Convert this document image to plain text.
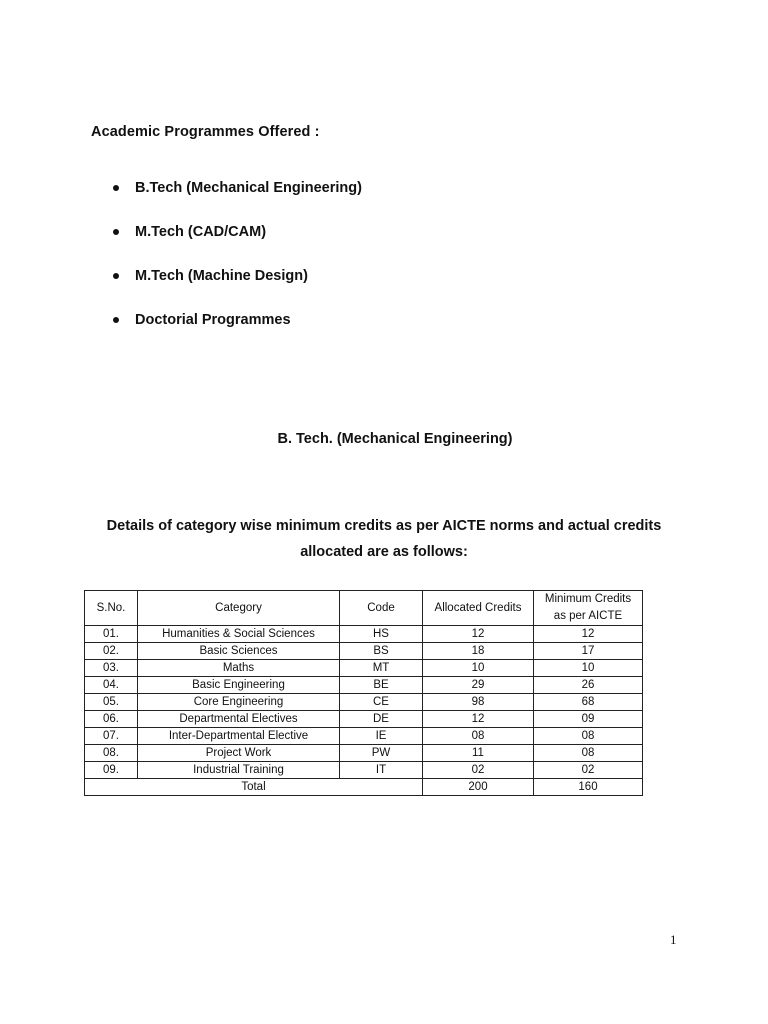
Academic Programmes Offered :
B.Tech (Mechanical Engineering)
M.Tech (CAD/CAM)
M.Tech (Machine Design)
Doctorial Programmes
B. Tech. (Mechanical Engineering)
Details of category wise minimum credits as per AICTE norms and actual credits
allocated are as follows:
S.No.	Category	Code	Allocated Credits	Minimum Credits
as per AICTE

01.	Humanities & Social Sciences	HS	12	12
02.	Basic Sciences	BS	18	17
03.	Maths	MT	10	10
04.	Basic Engineering	BE	29	26
05.	Core Engineering	CE	98	68
06.	Departmental Electives	DE	12	09
07.	Inter-Departmental Elective	IE	08	08
08.	Project Work	PW	11	08
09.	Industrial Training	IT	02	02
Total			200	160
1
